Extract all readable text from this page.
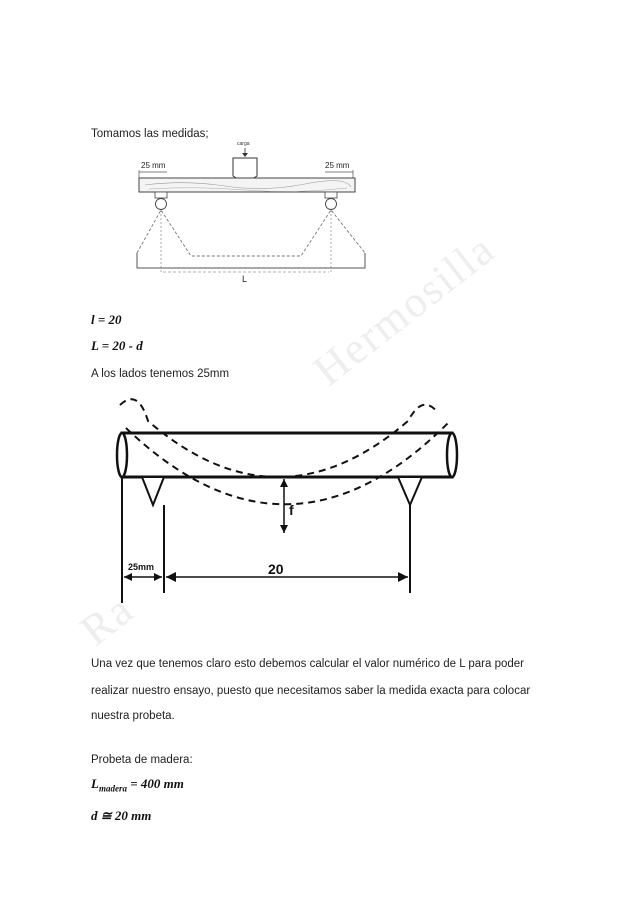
Hermosilla
Ra
Tomamos las medidas;
carga
25 mm	25 mm
L
l = 20
L = 20 - d
A los lados tenemos 25mm
f
25mm	20
Una vez que tenemos claro esto debemos calcular el valor numérico de L para poder
realizar nuestro ensayo, puesto que necesitamos saber la medida exacta para colocar
nuestra probeta.
Probeta de madera:
$L_{madera} = 400$ mm
d ≅ 20 mm
